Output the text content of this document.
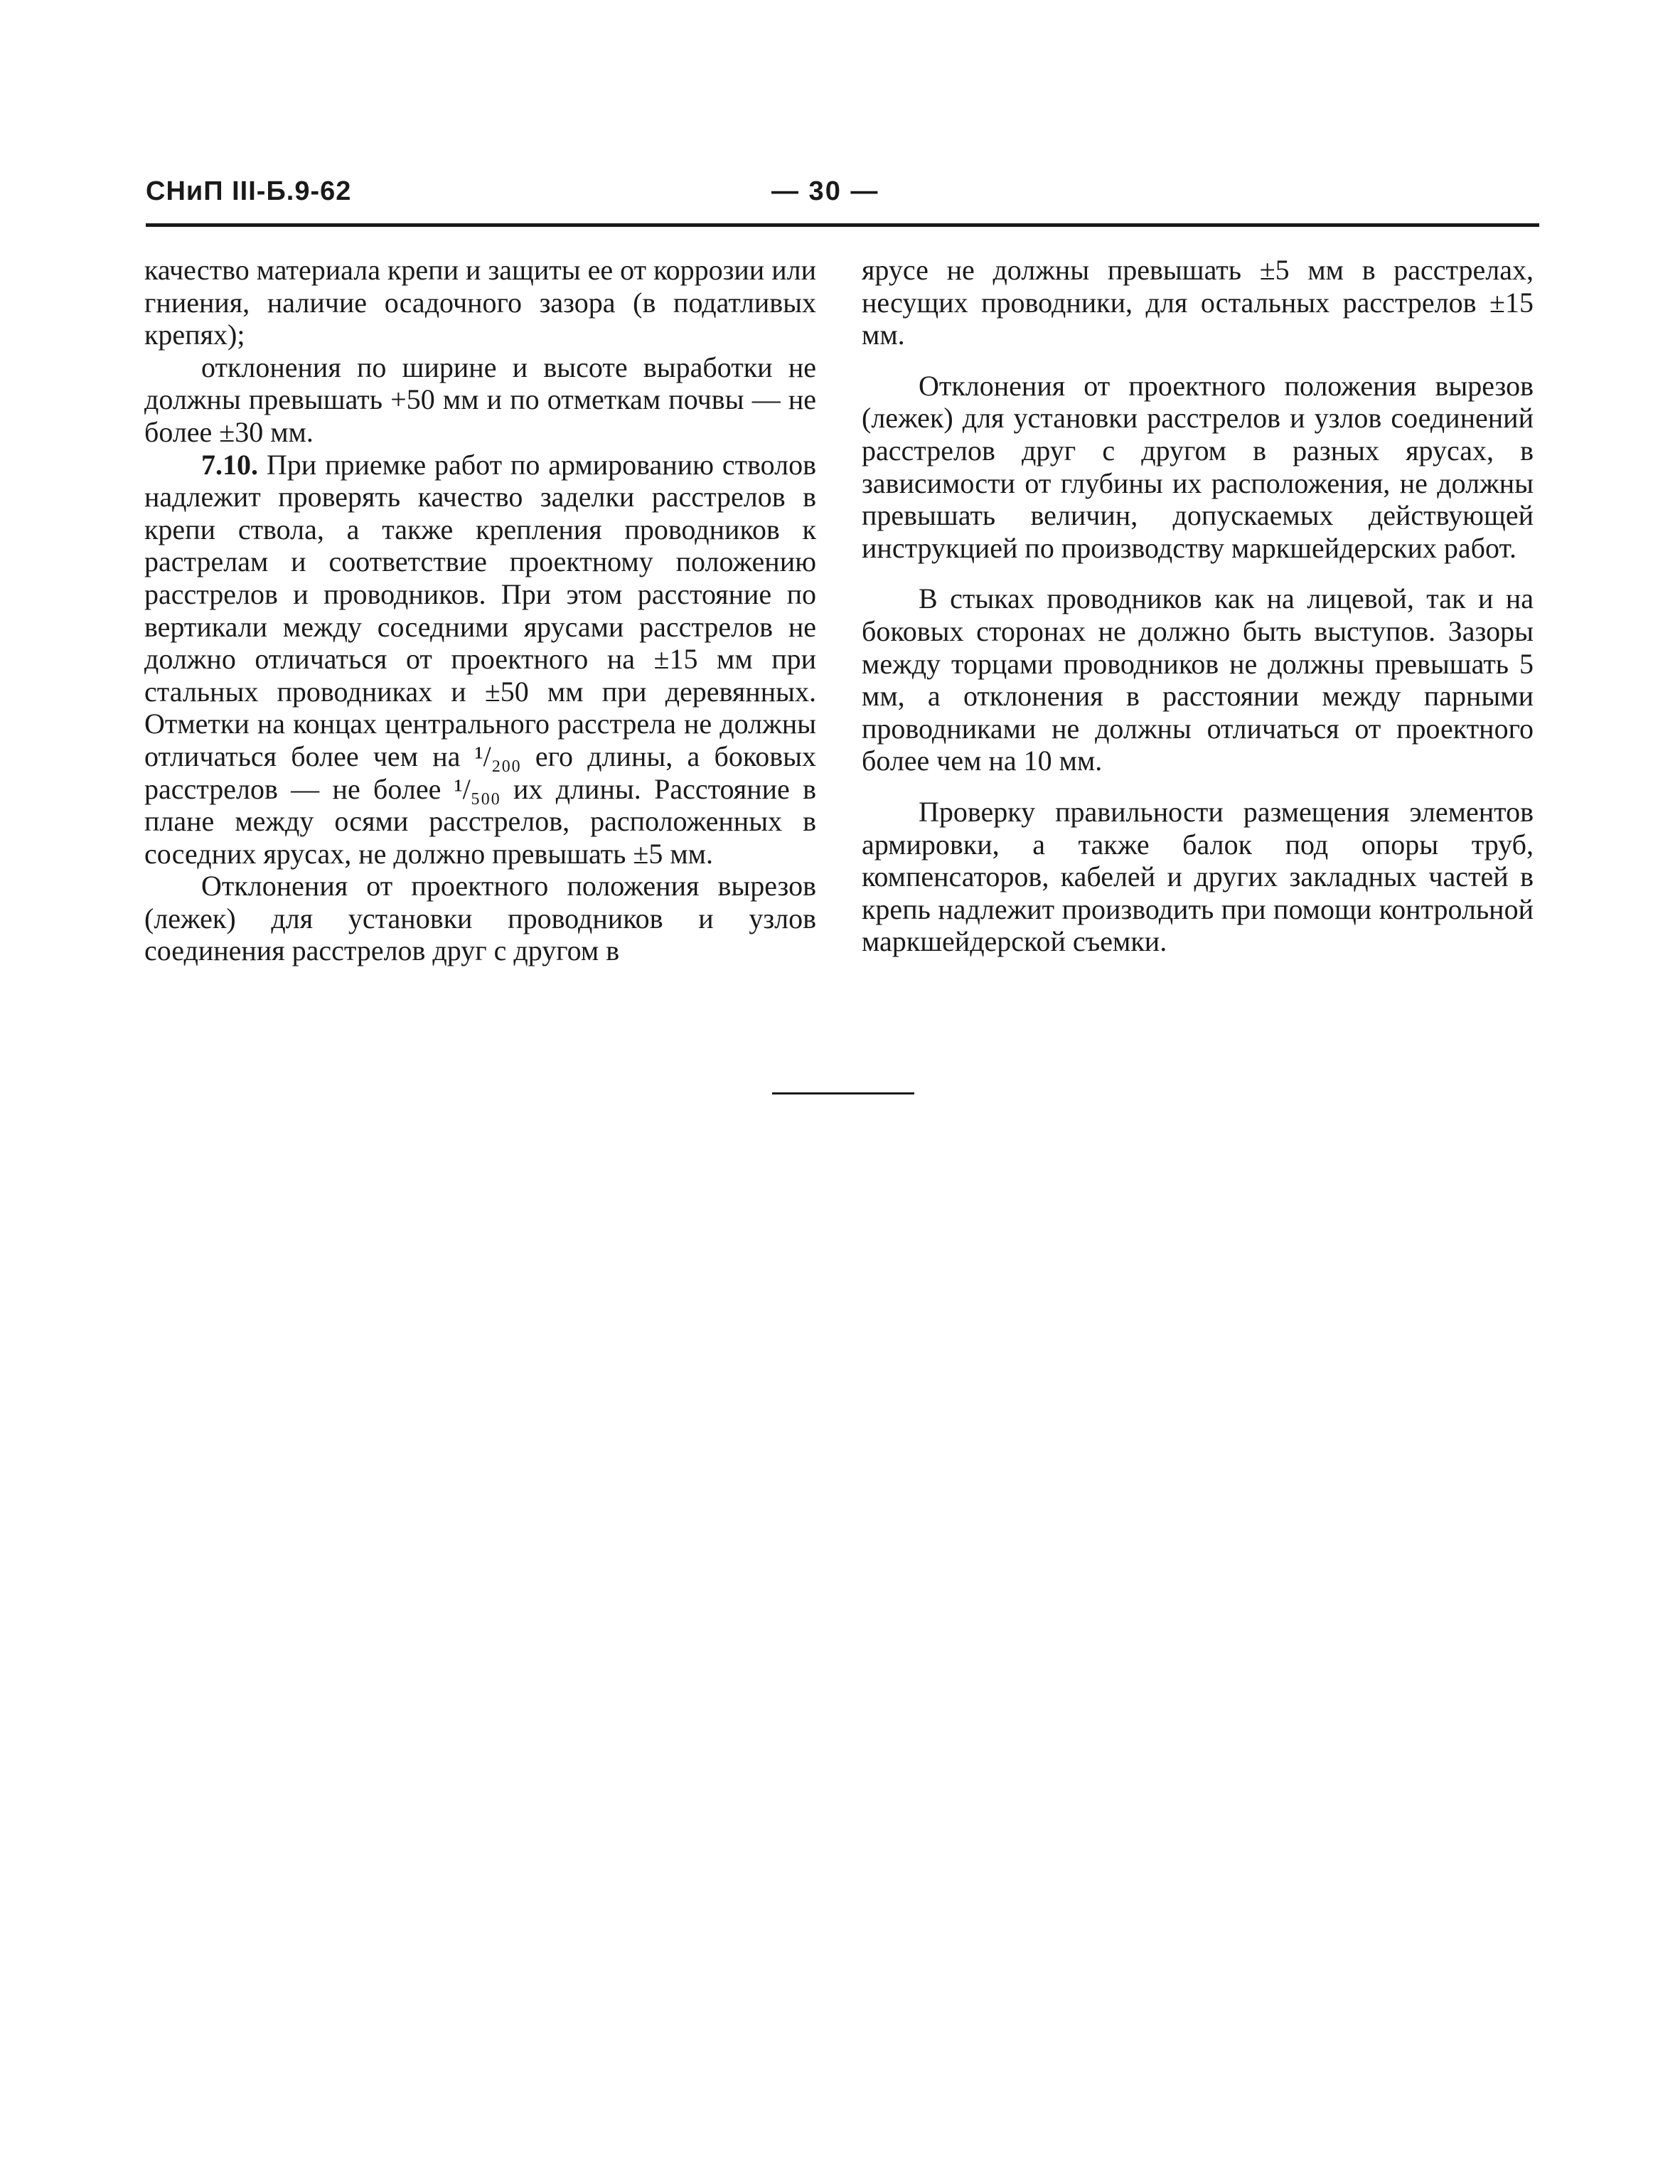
СНиП III-Б.9-62	— 30 —

качество материала крепи и защиты ее от коррозии или гниения, наличие осадочного зазора (в податливых крепях);

отклонения по ширине и высоте выработки не должны превышать +50 мм и по отметкам почвы — не более ±30 мм.

7.10. При приемке работ по армированию стволов надлежит проверять качество заделки расстрелов в крепи ствола, а также крепления проводников к растрелам и соответствие проектному положению расстрелов и проводников. При этом расстояние по вертикали между соседними ярусами расстрелов не должно отличаться от проектного на ±15 мм при стальных проводниках и ±50 мм при деревянных. Отметки на концах центрального расстрела не должны отличаться более чем на ¹/₂₀₀ его длины, а боковых расстрелов — не более ¹/₅₀₀ их длины. Расстояние в плане между осями расстрелов, расположенных в соседних ярусах, не должно превышать ±5 мм.

Отклонения от проектного положения вырезов (лежек) для установки проводников и узлов соединения расстрелов друг с другом в

ярусе не должны превышать ±5 мм в расстрелах, несущих проводники, для остальных расстрелов ±15 мм.

Отклонения от проектного положения вырезов (лежек) для установки расстрелов и узлов соединений расстрелов друг с другом в разных ярусах, в зависимости от глубины их расположения, не должны превышать величин, допускаемых действующей инструкцией по производству маркшейдерских работ.

В стыках проводников как на лицевой, так и на боковых сторонах не должно быть выступов. Зазоры между торцами проводников не должны превышать 5 мм, а отклонения в расстоянии между парными проводниками не должны отличаться от проектного более чем на 10 мм.

Проверку правильности размещения элементов армировки, а также балок под опоры труб, компенсаторов, кабелей и других закладных частей в крепь надлежит производить при помощи контрольной маркшейдерской съемки.
